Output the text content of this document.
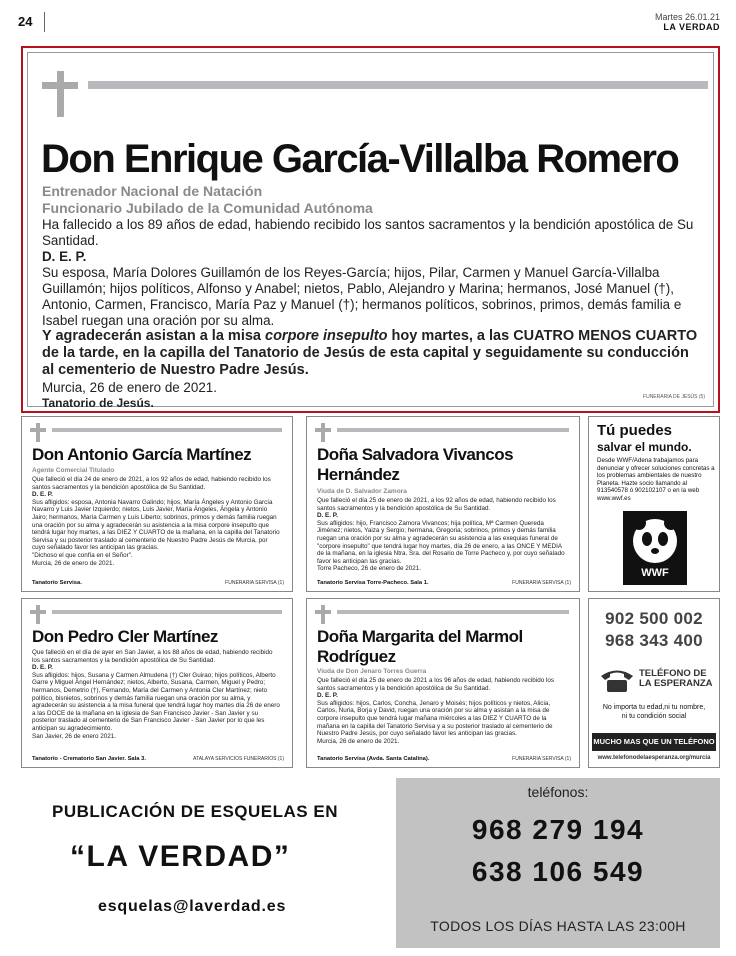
24	Martes 26.01.21
LA VERDAD
Don Enrique García-Villalba Romero
Entrenador Nacional de Natación
Funcionario Jubilado de la Comunidad Autónoma
Ha fallecido a los 89 años de edad, habiendo recibido los santos sacramentos y la bendición apostólica de Su Santidad.
D. E. P.
Su esposa, María Dolores Guillamón de los Reyes-García; hijos, Pilar, Carmen y Manuel García-Villalba Guillamón; hijos políticos, Alfonso y Anabel; nietos, Pablo, Alejandro y Marina; hermanos, José Manuel (†), Antonio, Carmen, Francisco, María Paz y Manuel (†); hermanos políticos, sobrinos, primos, demás familia e Isabel ruegan una oración por su alma.
Y agradecerán asistan a la misa corpore insepulto hoy martes, a las CUATRO MENOS CUARTO de la tarde, en la capilla del Tanatorio de Jesús de esta capital y seguidamente su conducción al cementerio de Nuestro Padre Jesús.
Murcia, 26 de enero de 2021.
Tanatorio de Jesús.	FUNERARIA DE JESÚS (5)
Don Antonio García Martínez
Agente Comercial Titulado
Que falleció el día 24 de enero de 2021, a los 92 años de edad, habiendo recibido los santos sacramentos y la bendición apostólica de Su Santidad.
D. E. P.
Sus afligidos: esposa, Antonia Navarro Galindo; hijos, María Ángeles y Antonio García Navarro y Luis Javier Izquierdo; nietos, Luis Javier, María Ángeles, Ángela y Antonio Jairo; hermanos, María Carmen y Luis Liberto; sobrinos, primos y demás familia ruegan una oración por su alma y agradecerán su asistencia a la misa corpore insepulto que tendrá lugar hoy martes, a las DIEZ Y CUARTO de la mañana, en la capilla del Tanatorio Servisa y su posterior traslado al cementerio de Nuestro Padre Jesús de Murcia, por cuyo señalado favor les anticipan las gracias.
"Dichoso el que confía en el Señor".
Murcia, 26 de enero de 2021.
Tanatorio Servisa.	FUNERARIA SERVISA (1)
Doña Salvadora Vivancos Hernández
Viuda de D. Salvador Zamora
Que falleció el día 25 de enero de 2021, a los 92 años de edad, habiendo recibido los santos sacramentos y la bendición apostólica de Su Santidad.
D. E. P.
Sus afligidos: hijo, Francisco Zamora Vivancos; hija política, Mª Carmen Quereda Jiménez; nietos, Yaiza y Sergio; hermana, Gregoria; sobrinos, primos y demás familia ruegan una oración por su alma y agradecerán su asistencia a las exequias funeral de "corpore insepulto" que tendrá lugar hoy martes, día 26 de enero, a las ONCE Y MEDIA de la mañana, en la iglesia Ntra. Sra. del Rosario de Torre Pacheco y, por cuyo señalado favor les anticipan las gracias.
Torre Pacheco, 26 de enero de 2021.
Tanatorio Servisa Torre-Pacheco. Sala 1.	FUNERARIA SERVISA (1)
Tú puedes
salvar el mundo.
Desde WWF/Adena trabajamos para denunciar y ofrecer soluciones concretas a los problemas ambientales de nuestro Planeta. Hazte socio llamando al 913540578 ó 902102107 o en la web www.wwf.es
WWF
Don Pedro Cler Martínez
Que falleció en el día de ayer en San Javier, a los 88 años de edad, habiendo recibido los santos sacramentos y la bendición apostólica de Su Santidad.
D. E. P.
Sus afligidos: hijos, Susana y Carmen Almudena (†) Cler Guirao; hijos políticos, Alberto Garre y Miguel Ángel Hernández; nietos, Alberto, Susana, Carmen, Miguel y Pedro; hermanos, Demetrio (†), Fernando, María del Carmen y Antonia Cler Martínez; nieto político, bisnietos, sobrinos y demás familia ruegan una oración por su alma, y agradecerán su asistencia a la misa funeral que tendrá lugar hoy martes día 26 de enero a las DOCE de la mañana en la iglesia de San Francisco Javier - San Javier y su posterior traslado al cementerio de San Francisco Javier - San Javier por lo que les anticipan su agradecimiento.
San Javier, 26 de enero 2021.
Tanatorio - Crematorio San Javier. Sala 3.	ATALAYA SERVICIOS FUNERARIOS (1)
Doña Margarita del Marmol Rodríguez
Viuda de Don Jenaro Torres Guerra
Que falleció el día 25 de enero de 2021 a los 96 años de edad, habiendo recibido los santos sacramentos y la bendición apostólica de Su Santidad.
D. E. P.
Sus afligidos: hijos, Carlos, Concha, Jenaro y Moisés; hijos políticos y nietos, Alicia, Carlos, Nuria, Borja y David, ruegan una oración por su alma y asistan a la misa de corpore insepulto que tendrá lugar mañana miércoles a las DIEZ Y CUARTO de la mañana en la capilla del Tanatorio Servisa y a su posterior traslado al cementerio de Nuestro Padre Jesús, por cuyo señalado favor les anticipan las gracias.
Murcia, 26 de enero de 2021.
Tanatorio Servisa (Avda. Santa Catalina).	FUNERARIA SERVISA (1)
902 500 002
968 343 400
TELÉFONO DE
LA ESPERANZA
No importa tu edad,ni tu nombre,
ni tu condición social
MUCHO MAS QUE UN TELÉFONO
www.telefonodelaesperanza.org/murcia
PUBLICACIÓN DE ESQUELAS EN
“LA VERDAD”
esquelas@laverdad.es
teléfonos:
968 279 194
638 106 549
TODOS LOS DÍAS HASTA LAS 23:00H
